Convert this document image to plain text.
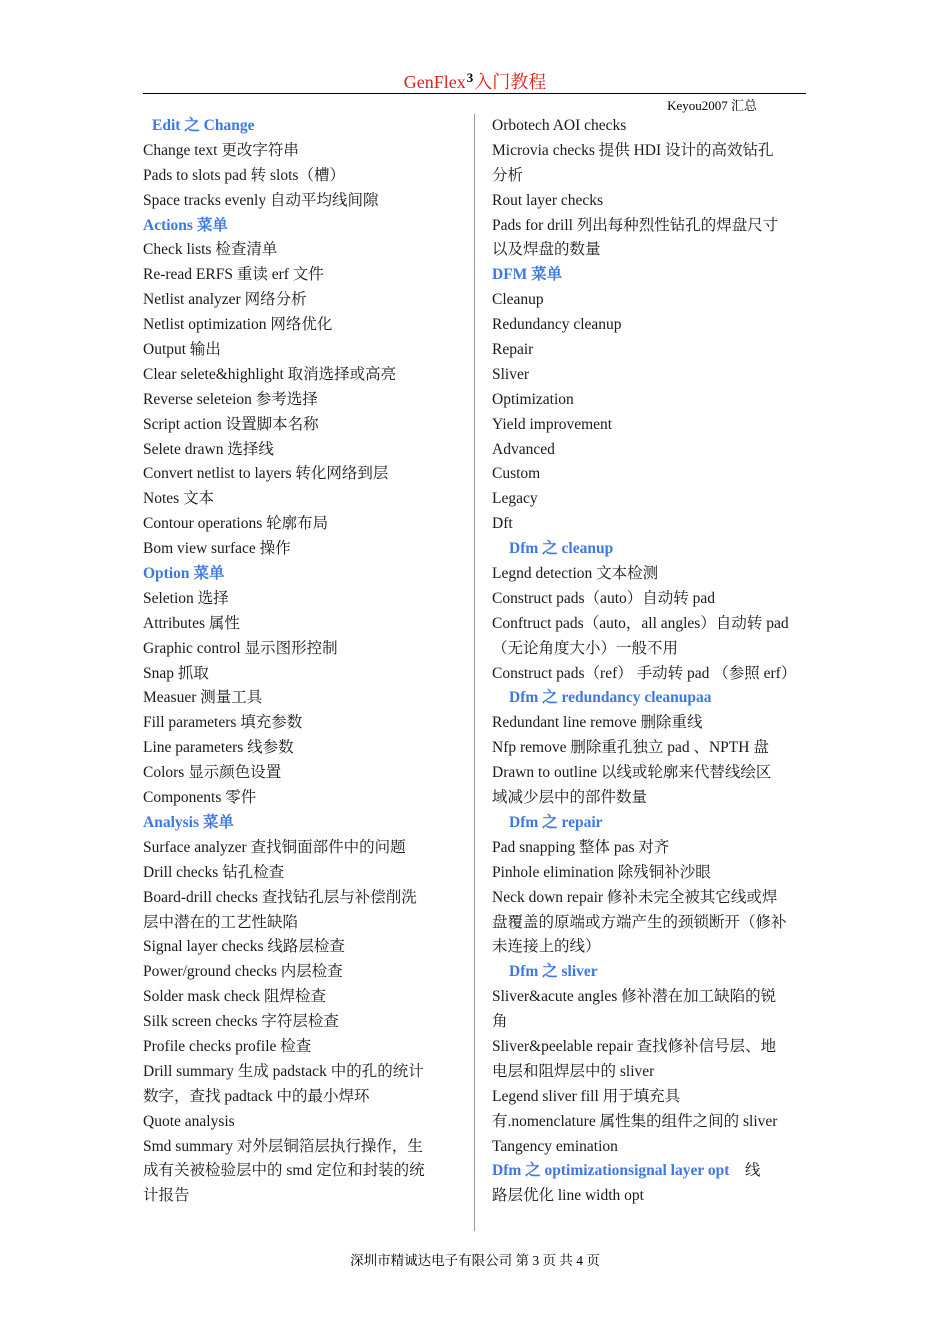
GenFlex$^3$入门教程
Keyou2007 汇总
Edit 之 Change
Change text 更改字符串
Pads to slots pad 转 slots（槽）
Space tracks evenly 自动平均线间隙
Actions 菜单
Check lists 检查清单
Re-read ERFS 重读 erf 文件
Netlist analyzer 网络分析
Netlist optimization 网络优化
Output 输出
Clear selete&highlight 取消选择或高亮
Reverse seleteion 参考选择
Script action 设置脚本名称
Selete drawn 选择线
Convert netlist to layers 转化网络到层
Notes 文本
Contour operations 轮廓布局
Bom view surface 操作
Option 菜单
Seletion 选择
Attributes 属性
Graphic control 显示图形控制
Snap 抓取
Measuer 测量工具
Fill parameters 填充参数
Line parameters 线参数
Colors 显示颜色设置
Components 零件
Analysis 菜单
Surface analyzer 查找铜面部件中的问题
Drill checks 钻孔检查
Board-drill checks 查找钻孔层与补偿削洗
层中潜在的工艺性缺陷
Signal layer checks 线路层检查
Power/ground checks 内层检查
Solder mask check 阻焊检查
Silk screen checks 字符层检查
Profile checks profile 检查
Drill summary 生成 padstack 中的孔的统计
数字，查找 padtack 中的最小焊环
Quote analysis
Smd summary 对外层铜箔层执行操作，生
成有关被检验层中的 smd 定位和封装的统
计报告
Orbotech AOI checks
Microvia checks 提供 HDI 设计的高效钻孔
分析
Rout layer checks
Pads for drill 列出每种烈性钻孔的焊盘尺寸
以及焊盘的数量
DFM 菜单
Cleanup
Redundancy cleanup
Repair
Sliver
Optimization
Yield improvement
Advanced
Custom
Legacy
Dft
Dfm 之 cleanup
Legnd detection 文本检测
Construct pads（auto）自动转 pad
Conftruct pads（auto，all angles）自动转 pad
（无论角度大小）一般不用
Construct pads（ref） 手动转 pad （参照 erf）
Dfm 之 redundancy cleanupaa
Redundant line remove 删除重线
Nfp remove 删除重孔独立 pad 、NPTH 盘
Drawn to outline 以线或轮廓来代替线绘区
域减少层中的部件数量
Dfm 之 repair
Pad snapping 整体 pas 对齐
Pinhole elimination 除残铜补沙眼
Neck down repair 修补未完全被其它线或焊
盘覆盖的原端或方端产生的颈锁断开（修补
未连接上的线）
Dfm 之 sliver
Sliver&acute angles 修补潜在加工缺陷的锐
角
Sliver&peelable repair 查找修补信号层、地
电层和阻焊层中的 sliver
Legend sliver fill 用于填充具
有.nomenclature 属性集的组件之间的 sliver
Tangency emination
Dfm 之 optimizationsignal layer opt    线
路层优化 line width opt
深圳市精诚达电子有限公司 第 3 页 共 4 页
